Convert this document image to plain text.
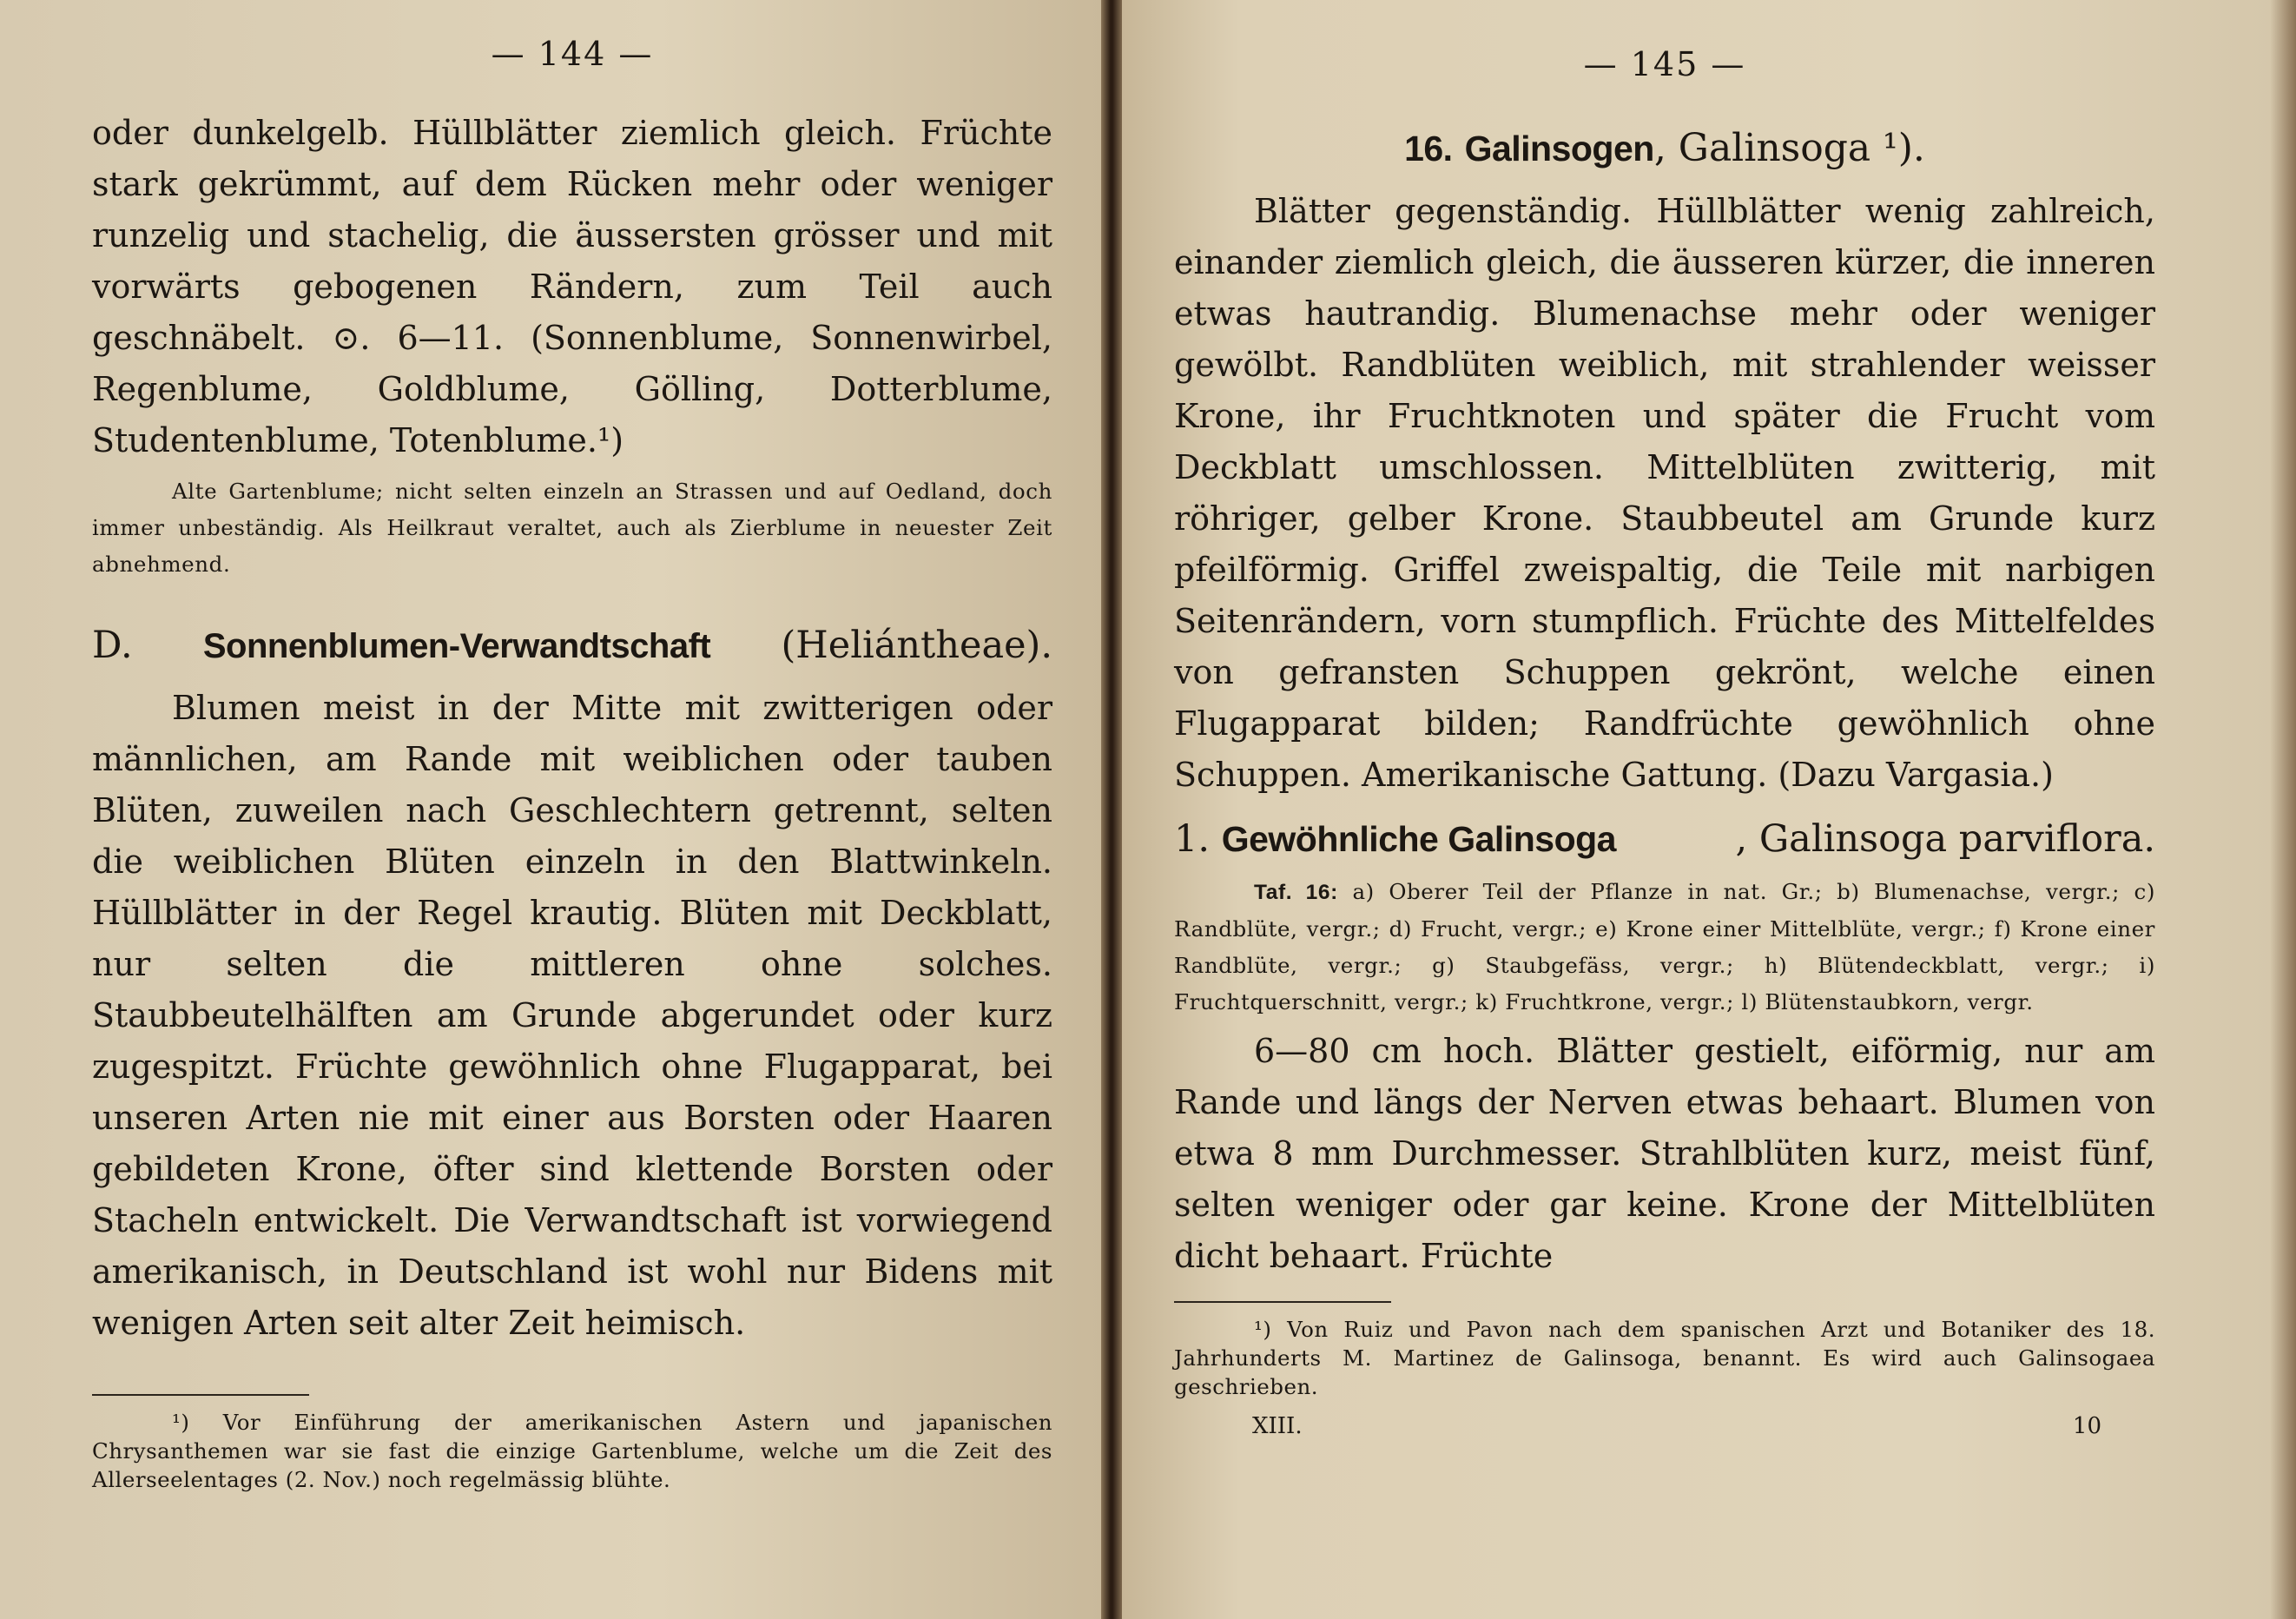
— 144 —

oder dunkelgelb. Hüllblätter ziemlich gleich. Früchte stark gekrümmt, auf dem Rücken mehr oder weniger runzelig und stachelig, die äussersten grösser und mit vorwärts gebogenen Rändern, zum Teil auch geschnäbelt. ⊙. 6—11. (Sonnenblume, Sonnenwirbel, Regenblume, Goldblume, Gölling, Dotterblume, Studentenblume, Totenblume.¹)

Alte Gartenblume; nicht selten einzeln an Strassen und auf Oedland, doch immer unbeständig. Als Heilkraut veraltet, auch als Zierblume in neuester Zeit abnehmend.

D. Sonnenblumen-Verwandtschaft (Heliántheae).

Blumen meist in der Mitte mit zwitterigen oder männlichen, am Rande mit weiblichen oder tauben Blüten, zuweilen nach Geschlechtern getrennt, selten die weiblichen Blüten einzeln in den Blattwinkeln. Hüllblätter in der Regel krautig. Blüten mit Deckblatt, nur selten die mittleren ohne solches. Staubbeutelhälften am Grunde abgerundet oder kurz zugespitzt. Früchte gewöhnlich ohne Flugapparat, bei unseren Arten nie mit einer aus Borsten oder Haaren gebildeten Krone, öfter sind klettende Borsten oder Stacheln entwickelt. Die Verwandtschaft ist vorwiegend amerikanisch, in Deutschland ist wohl nur Bidens mit wenigen Arten seit alter Zeit heimisch.

¹) Vor Einführung der amerikanischen Astern und japanischen Chrysanthemen war sie fast die einzige Gartenblume, welche um die Zeit des Allerseelentages (2. Nov.) noch regelmässig blühte.

— 145 —
16. Galinsogen, Galinsoga ¹).

Blätter gegenständig. Hüllblätter wenig zahlreich, einander ziemlich gleich, die äusseren kürzer, die inneren etwas hautrandig. Blumenachse mehr oder weniger gewölbt. Randblüten weiblich, mit strahlender weisser Krone, ihr Fruchtknoten und später die Frucht vom Deckblatt umschlossen. Mittelblüten zwitterig, mit röhriger, gelber Krone. Staubbeutel am Grunde kurz pfeilförmig. Griffel zweispaltig, die Teile mit narbigen Seitenrändern, vorn stumpflich. Früchte des Mittelfeldes von gefransten Schuppen gekrönt, welche einen Flugapparat bilden; Randfrüchte gewöhnlich ohne Schuppen. Amerikanische Gattung. (Dazu Vargasia.)

1. Gewöhnliche Galinsoga	, Galinsoga parviflora.

Taf. 16: a) Oberer Teil der Pflanze in nat. Gr.; b) Blumenachse, vergr.; c) Randblüte, vergr.; d) Frucht, vergr.; e) Krone einer Mittelblüte, vergr.; f) Krone einer Randblüte, vergr.; g) Staubgefäss, vergr.; h) Blütendeckblatt, vergr.; i) Fruchtquerschnitt, vergr.; k) Fruchtkrone, vergr.; l) Blütenstaubkorn, vergr.

6—80 cm hoch. Blätter gestielt, eiförmig, nur am Rande und längs der Nerven etwas behaart. Blumen von etwa 8 mm Durchmesser. Strahlblüten kurz, meist fünf, selten weniger oder gar keine. Krone der Mittelblüten dicht behaart. Früchte

¹) Von Ruiz und Pavon nach dem spanischen Arzt und Botaniker des 18. Jahrhunderts M. Martinez de Galinsoga, benannt. Es wird auch Galinsogaea geschrieben.

XIII.	10
